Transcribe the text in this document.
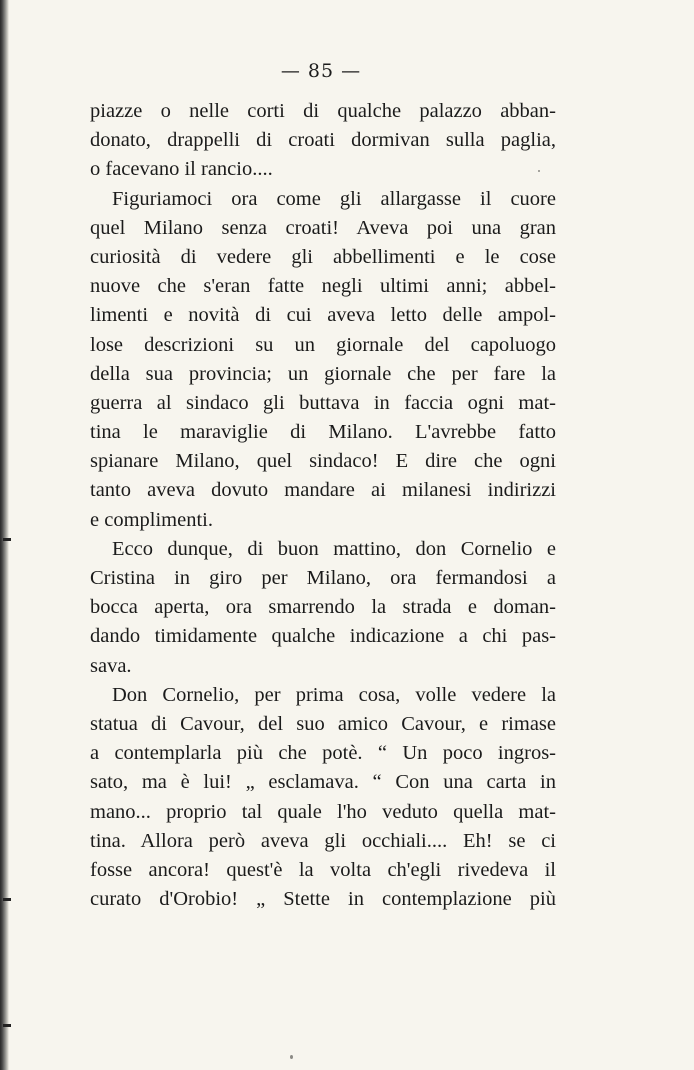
— 85 —
piazze o nelle corti di qualche palazzo abban-
donato, drappelli di croati dormivan sulla paglia,
o facevano il rancio....
Figuriamoci ora come gli allargasse il cuore
quel Milano senza croati! Aveva poi una gran
curiosità di vedere gli abbellimenti e le cose
nuove che s'eran fatte negli ultimi anni; abbel-
limenti e novità di cui aveva letto delle ampol-
lose descrizioni su un giornale del capoluogo
della sua provincia; un giornale che per fare la
guerra al sindaco gli buttava in faccia ogni mat-
tina le maraviglie di Milano. L'avrebbe fatto
spianare Milano, quel sindaco! E dire che ogni
tanto aveva dovuto mandare ai milanesi indirizzi
e complimenti.
Ecco dunque, di buon mattino, don Cornelio e
Cristina in giro per Milano, ora fermandosi a
bocca aperta, ora smarrendo la strada e doman-
dando timidamente qualche indicazione a chi pas-
sava.
Don Cornelio, per prima cosa, volle vedere la
statua di Cavour, del suo amico Cavour, e rimase
a contemplarla più che potè. “ Un poco ingros-
sato, ma è lui! „ esclamava. “ Con una carta in
mano... proprio tal quale l'ho veduto quella mat-
tina. Allora però aveva gli occhiali.... Eh! se ci
fosse ancora! quest'è la volta ch'egli rivedeva il
curato d'Orobio! „ Stette in contemplazione più
